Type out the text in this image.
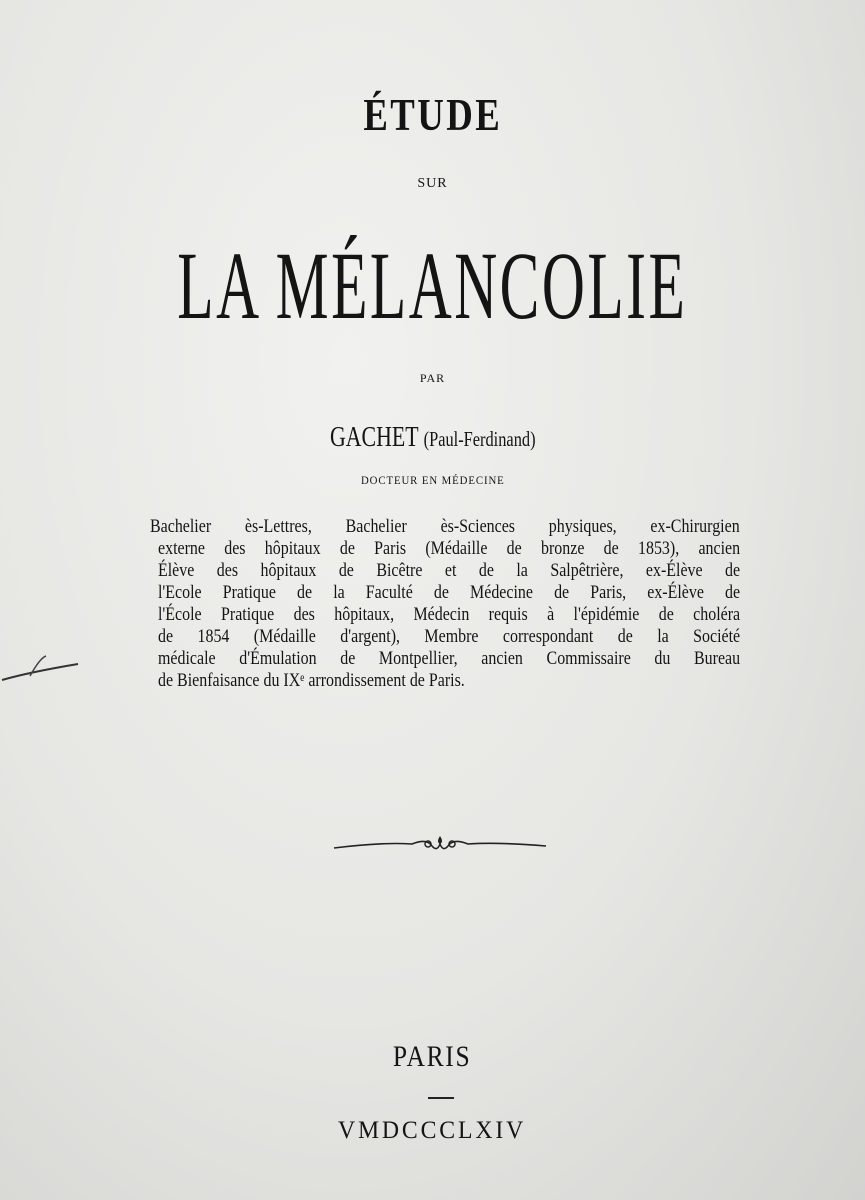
ÉTUDE
SUR
LA MÉLANCOLIE
PAR
GACHET (Paul-Ferdinand)
DOCTEUR EN MÉDECINE
Bachelier ès-Lettres, Bachelier ès-Sciences physiques, ex-Chirurgien
externe des hôpitaux de Paris (Médaille de bronze de 1853), ancien
Élève des hôpitaux de Bicêtre et de la Salpêtrière, ex-Élève de
l'Ecole Pratique de la Faculté de Médecine de Paris, ex-Élève de
l'École Pratique des hôpitaux, Médecin requis à l'épidémie de choléra
de 1854 (Médaille d'argent), Membre correspondant de la Société
médicale d'Émulation de Montpellier, ancien Commissaire du Bureau
de Bienfaisance du IXᵉ arrondissement de Paris.
PARIS
VMDCCCLXIV
